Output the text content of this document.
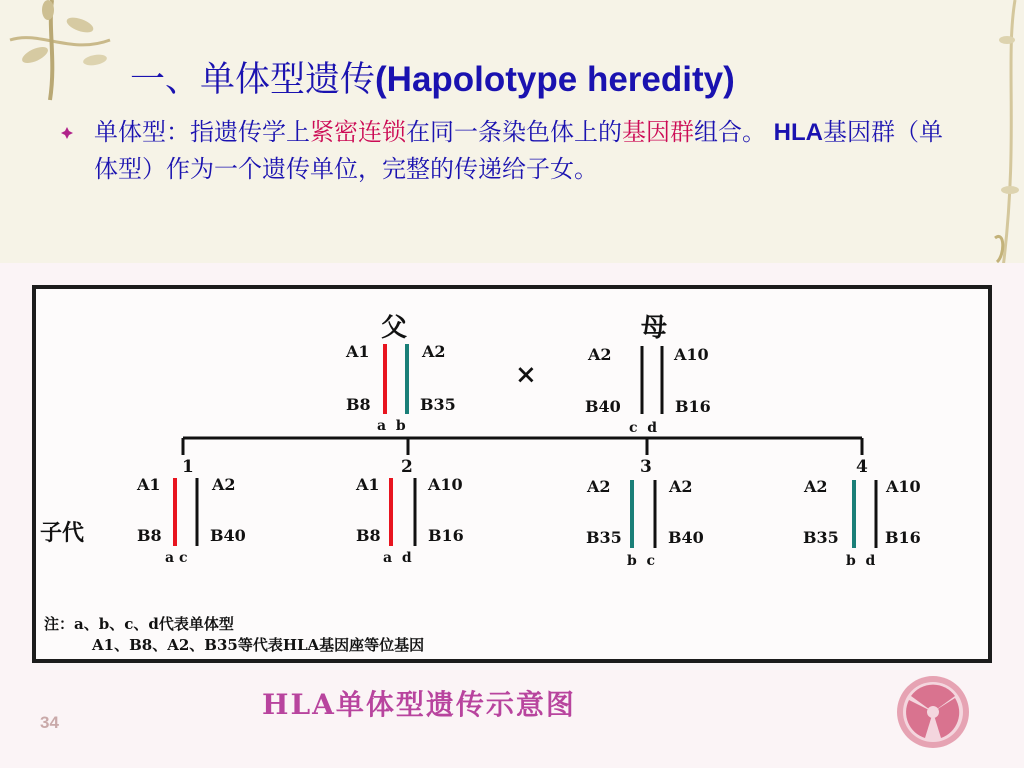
一、单体型遗传(Hapolotype heredity)
单体型：指遗传学上紧密连锁在同一条染色体上的基因群组合。 HLA基因群（单体型）作为一个遗传单位，完整的传递给子女。
父	母
×
A1	A2
B8	B35
a  b
A2	A10
B40	B16
c  d
子代
1
A1	A2
B8	B40
a c
2
A1	A10
B8	B16
a  d
3
A2	A2
B35	B40
b  c
4
A2	A10
B35	B16
b  d
注：a、b、c、d代表单体型
A1、B8、A2、B35等代表HLA基因座等位基因
HLA单体型遗传示意图
34
